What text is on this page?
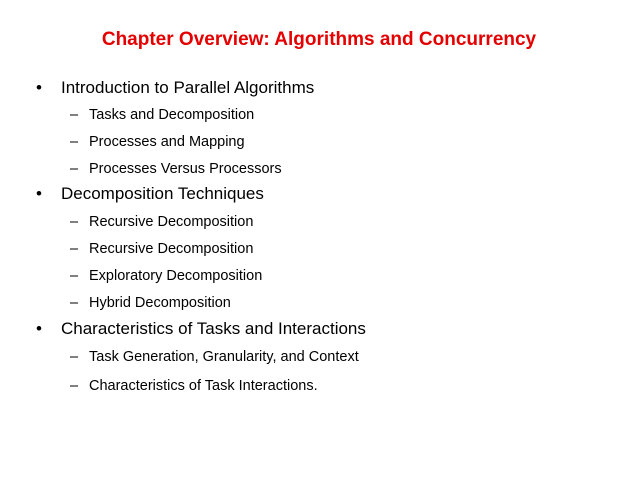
Chapter Overview: Algorithms and Concurrency
• Introduction to Parallel Algorithms
– Tasks and Decomposition
– Processes and Mapping
– Processes Versus Processors
• Decomposition Techniques
– Recursive Decomposition
– Recursive Decomposition
– Exploratory Decomposition
– Hybrid Decomposition
• Characteristics of Tasks and Interactions
– Task Generation, Granularity, and Context
– Characteristics of Task Interactions.
